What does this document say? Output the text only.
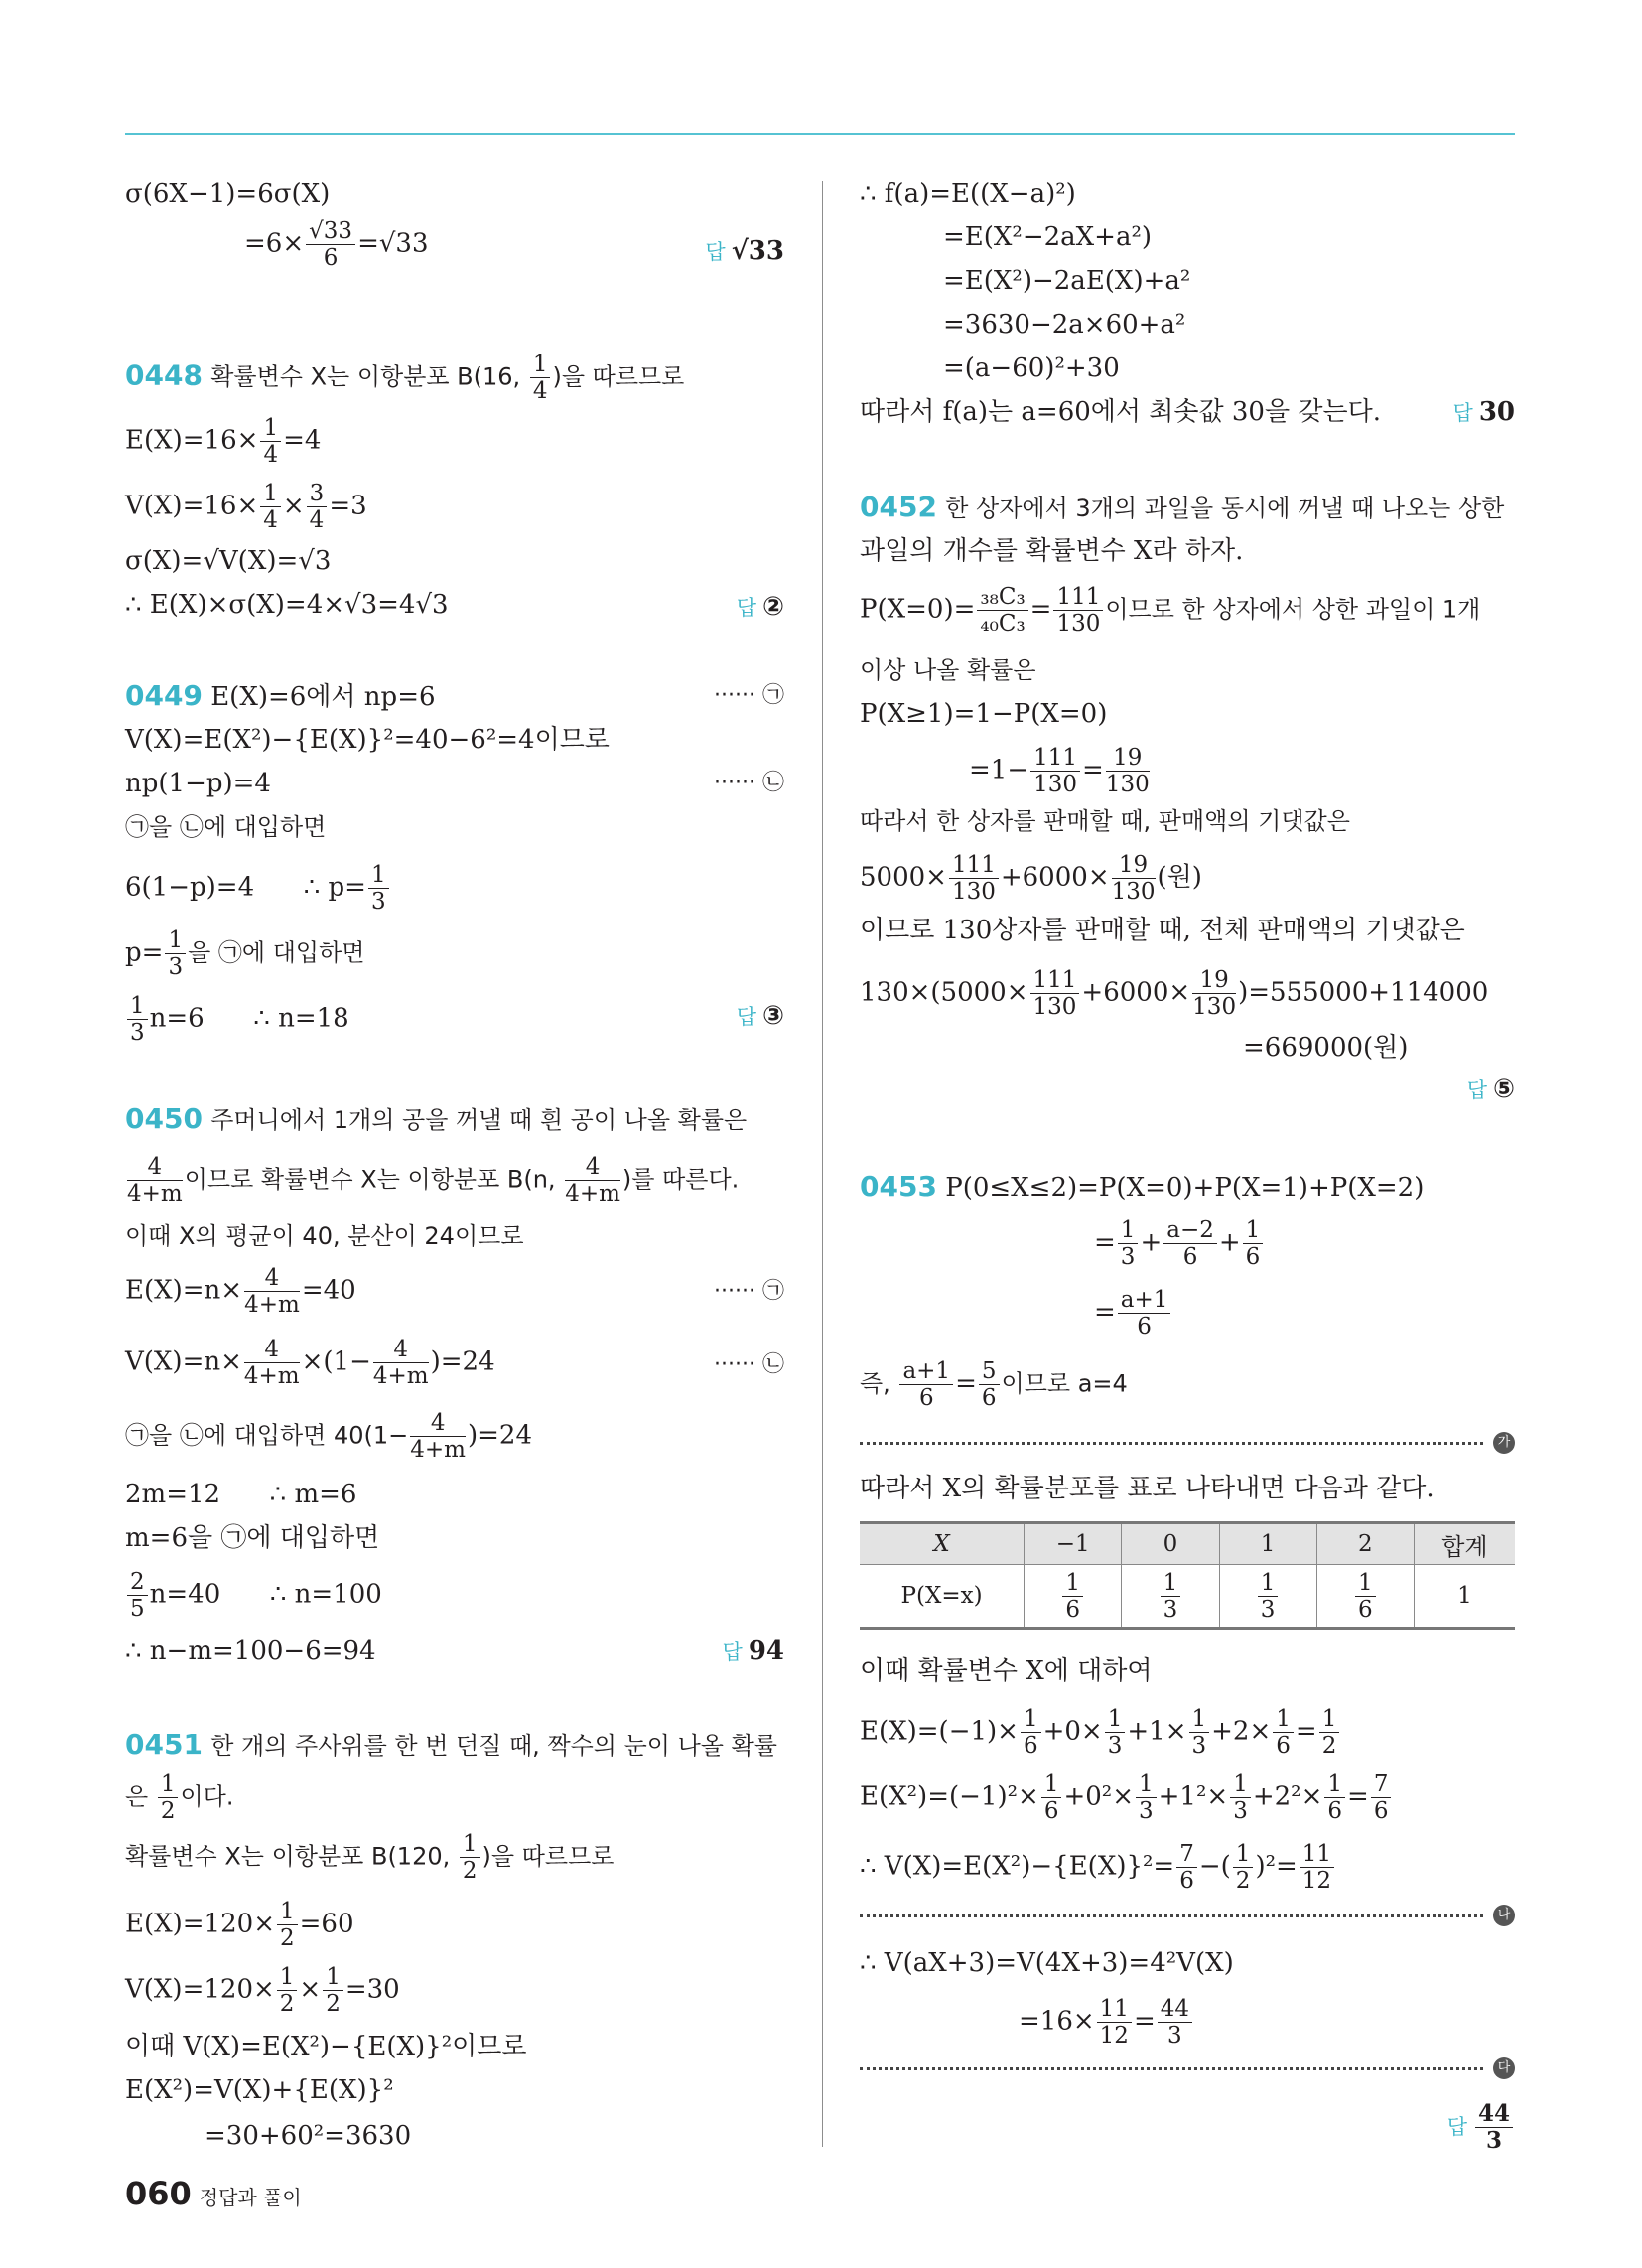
σ(6X−1)=6σ(X)
$=6\times \frac{√33}{6} =√33$	답 √33
0448 확률변수 X는 이항분포 B(16, $\frac{1}{4}$ )을 따르므로
$E(X)=16\times \frac{1}{4} =4$
$V(X)=16\times \frac{1}{4} \times \frac{3}{4} =3$
σ(X)=√V(X)=√3
∴ E(X)×σ(X)=4×√3=4√3	답 ②
0449 E(X)=6에서 np=6	······ ㉠
V(X)=E(X²)−{E(X)}²=40−6²=4이므로
np(1−p)=4	······ ㉡
㉠을 ㉡에 대입하면
6(1−p)=4      ∴ $p= \frac{1}{3}$
$p= \frac{1}{3}$ 을 ㉠에 대입하면
$\frac{1}{3} n=6$      ∴ n=18	답 ③
0450 주머니에서 1개의 공을 꺼낼 때 흰 공이 나올 확률은
$\frac{4}{4+m}$ 이므로 확률변수 X는 이항분포 B(n, $\frac{4}{4+m}$ )를 따른다.
이때 X의 평균이 40, 분산이 24이므로
$E(X)=n\times \frac{4}{4+m} =40$	······ ㉠
$V(X)=n\times \frac{4}{4+m} \times(1- \frac{4}{4+m} )=24$	······ ㉡
㉠을 ㉡에 대입하면 $40(1- \frac{4}{4+m} )=24$
2m=12      ∴ m=6
m=6을 ㉠에 대입하면
$\frac{2}{5} n=40$      ∴ n=100
∴ n−m=100−6=94	답 94
0451 한 개의 주사위를 한 번 던질 때, 짝수의 눈이 나올 확률
은 $\frac{1}{2}$ 이다.
확률변수 X는 이항분포 B(120, $\frac{1}{2}$ )을 따르므로
$E(X)=120\times \frac{1}{2} =60$
$V(X)=120\times \frac{1}{2} \times \frac{1}{2} =30$
이때 V(X)=E(X²)−{E(X)}²이므로
E(X²)=V(X)+{E(X)}²
=30+60²=3630
∴ f(a)=E((X−a)²)
=E(X²−2aX+a²)
=E(X²)−2aE(X)+a²
=3630−2a×60+a²
=(a−60)²+30
따라서 f(a)는 a=60에서 최솟값 30을 갖는다.	답 30
0452 한 상자에서 3개의 과일을 동시에 꺼낼 때 나오는 상한
과일의 개수를 확률변수 X라 하자.
$P(X=0)= \frac{\text{₃₈C₃}}{\text{₄₀C₃}} = \frac{111}{130}$ 이므로 한 상자에서 상한 과일이 1개
이상 나올 확률은
P(X≥1)=1−P(X=0)
$=1- \frac{111}{130} = \frac{19}{130}$
따라서 한 상자를 판매할 때, 판매액의 기댓값은
$5000\times \frac{111}{130} +6000\times \frac{19}{130}$ (원)
이므로 130상자를 판매할 때, 전체 판매액의 기댓값은
$130\times(5000\times \frac{111}{130} +6000\times \frac{19}{130} )=555000+114000$
=669000(원)
답 ⑤
0453 P(0≤X≤2)=P(X=0)+P(X=1)+P(X=2)
= $\frac{1}{3} + \frac{a-2}{6} + \frac{1}{6}$
= $\frac{a+1}{6}$
즉, $\frac{a+1}{6} = \frac{5}{6}$ 이므로 a=4
가
따라서 X의 확률분포를 표로 나타내면 다음과 같다.
X	−1	0	1	2	합계
P(X=x)	$\frac{1}{6}$	$\frac{1}{3}$	$\frac{1}{3}$	$\frac{1}{6}$	1
이때 확률변수 X에 대하여
$E(X)=(-1)\times \frac{1}{6} +0\times \frac{1}{3} +1\times \frac{1}{3} +2\times \frac{1}{6} = \frac{1}{2}$
$E(X^2)=(-1)^2\times \frac{1}{6} +0^2\times \frac{1}{3} +1^2\times \frac{1}{3} +2^2\times \frac{1}{6} = \frac{7}{6}$
∴ $V(X)=E(X^2)-\{E(X)\}^2= \frac{7}{6}$ −( $\frac{1}{2} )^2= \frac{11}{12}$
나
∴ V(aX+3)=V(4X+3)=4²V(X)
$=16\times \frac{11}{12} = \frac{44}{3}$
다
답 $\frac{44}{3}$
060 정답과 풀이
